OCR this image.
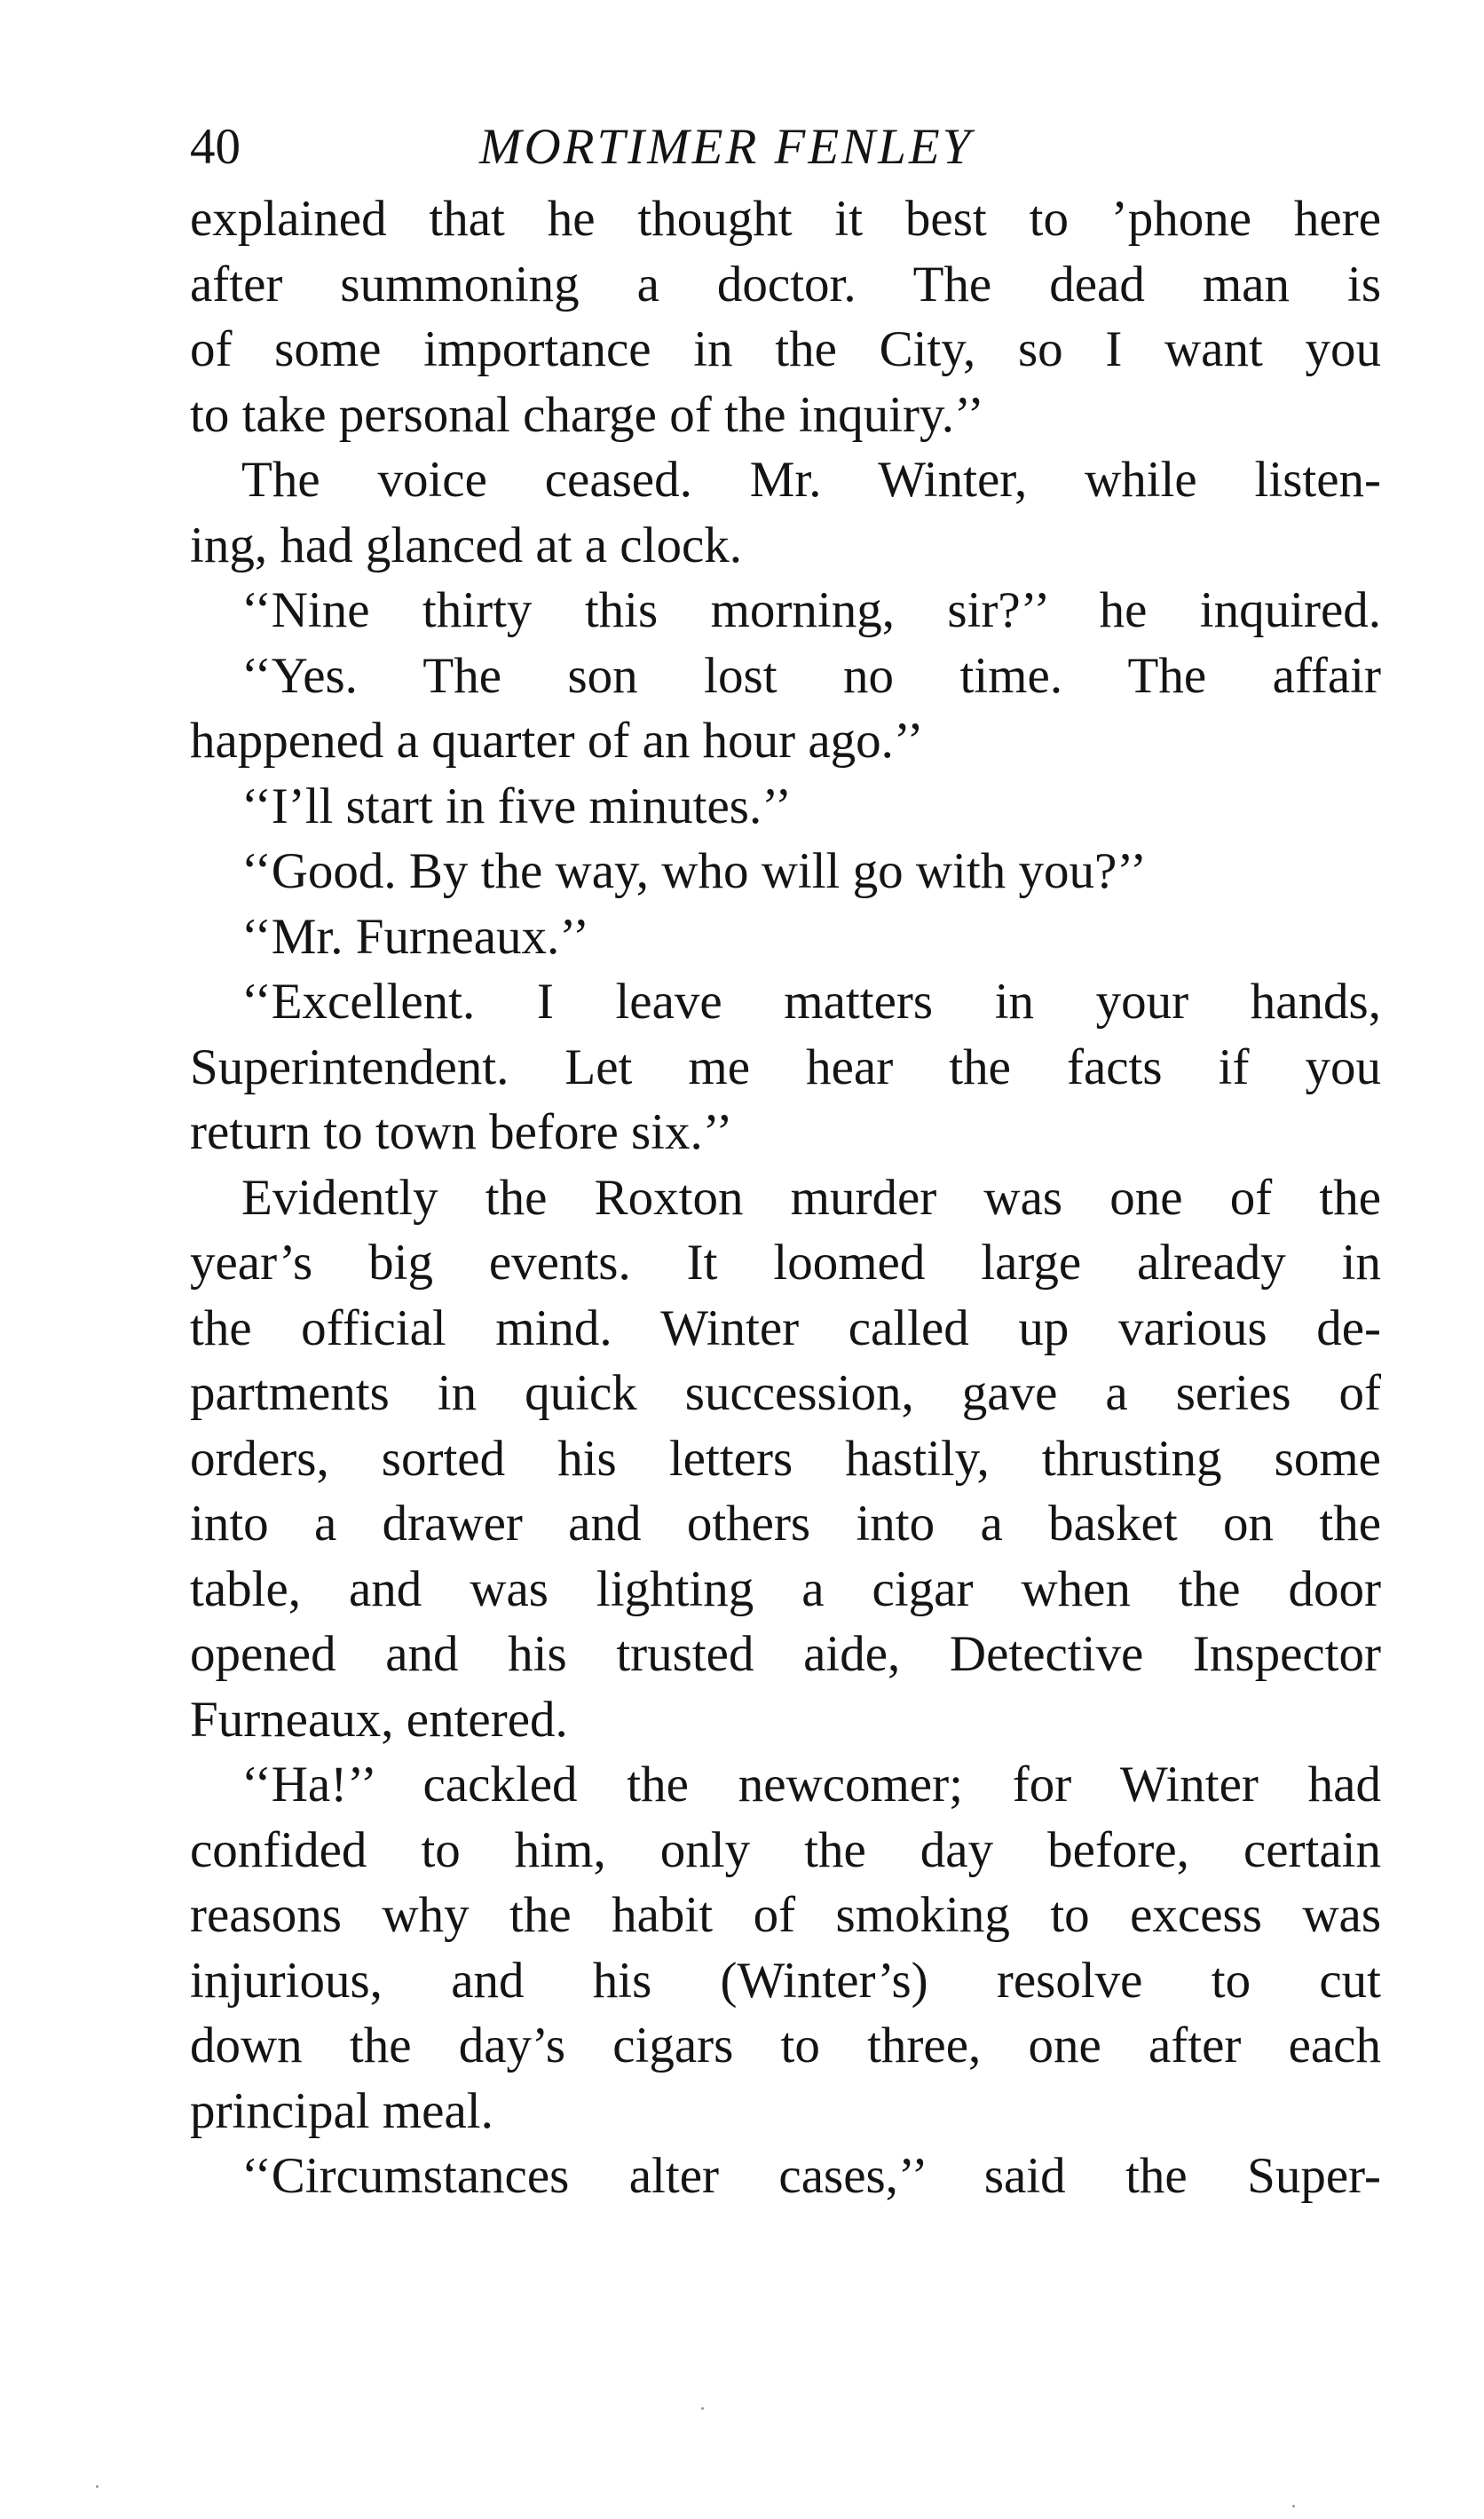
40	MORTIMER FENLEY
explained that he thought it best to ’phone here
after summoning a doctor. The dead man is
of some importance in the City, so I want you
to take personal charge of the inquiry.’’
The voice ceased. Mr. Winter, while listen-
ing, had glanced at a clock.
‘‘Nine thirty this morning, sir?’’ he inquired.
‘‘Yes. The son lost no time. The affair
happened a quarter of an hour ago.’’
‘‘I’ll start in five minutes.’’
‘‘Good. By the way, who will go with you?’’
‘‘Mr. Furneaux.’’
‘‘Excellent. I leave matters in your hands,
Superintendent. Let me hear the facts if you
return to town before six.’’
Evidently the Roxton murder was one of the
year’s big events. It loomed large already in
the official mind. Winter called up various de-
partments in quick succession, gave a series of
orders, sorted his letters hastily, thrusting some
into a drawer and others into a basket on the
table, and was lighting a cigar when the door
opened and his trusted aide, Detective Inspector
Furneaux, entered.
‘‘Ha!’’ cackled the newcomer; for Winter had
confided to him, only the day before, certain
reasons why the habit of smoking to excess was
injurious, and his (Winter’s) resolve to cut
down the day’s cigars to three, one after each
principal meal.
‘‘Circumstances alter cases,’’ said the Super-
